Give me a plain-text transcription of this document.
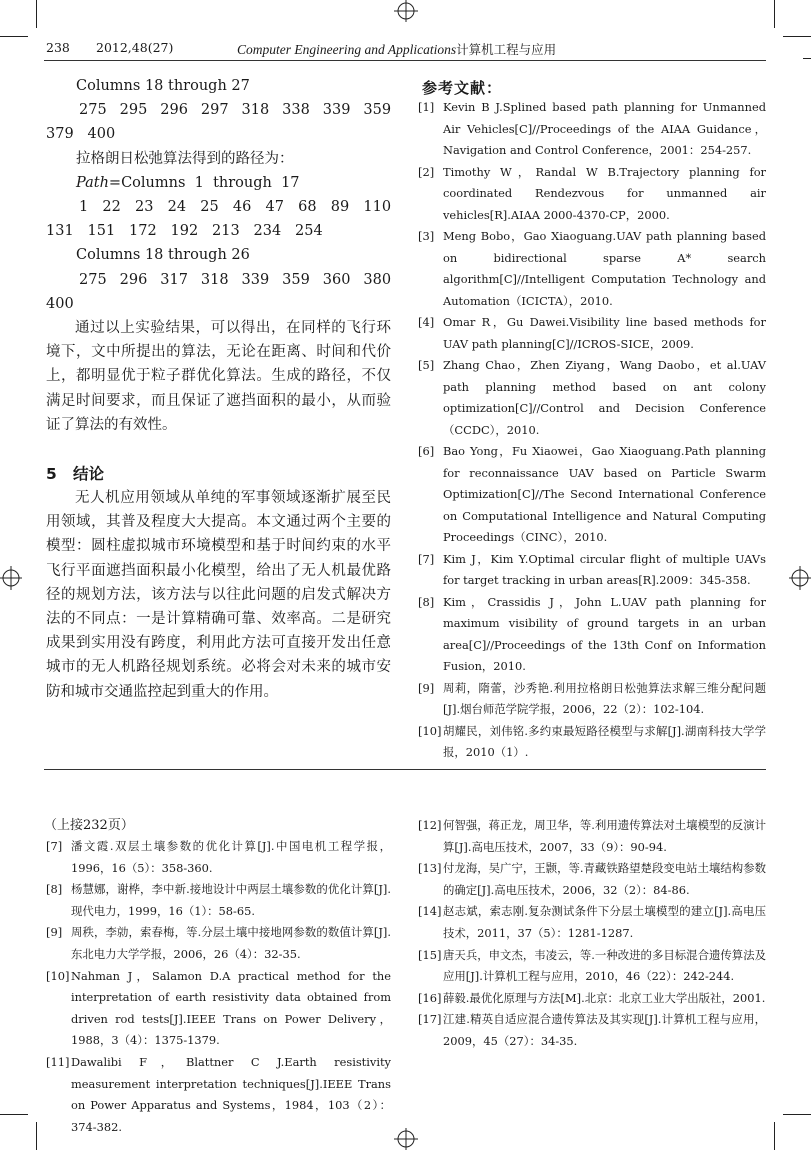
238 2012,48(27)	Computer Engineering and Applications计算机工程与应用
Columns 18 through 27
275 295 296 297 318 338 339 359
379   400
拉格朗日松弛算法得到的路径为：
Path=Columns  1  through  17
1 22 23 24 25 46 47 68 89 110
131   151   172   192   213   234   254
Columns 18 through 26
275 296 317 318 339 359 360 380
400

通过以上实验结果，可以得出，在同样的飞行环境下，文中所提出的算法，无论在距离、时间和代价上，都明显优于粒子群优化算法。生成的路径，不仅满足时间要求，而且保证了遮挡面积的最小，从而验证了算法的有效性。

5   结论

无人机应用领域从单纯的军事领域逐渐扩展至民用领域，其普及程度大大提高。本文通过两个主要的模型：圆柱虚拟城市环境模型和基于时间约束的水平飞行平面遮挡面积最小化模型，给出了无人机最优路径的规划方法，该方法与以往此问题的启发式解决方法的不同点：一是计算精确可靠、效率高。二是研究成果到实用没有跨度，利用此方法可直接开发出任意城市的无人机路径规划系统。必将会对未来的城市安防和城市交通监控起到重大的作用。

参考文献：
[1] Kevin B J.Splined based path planning for Unmanned Air Vehicles[C]//Proceedings of the AIAA Guidance，Navigation and Control Conference，2001：254-257.
[2] Timothy W，Randal W B.Trajectory planning for coordinated Rendezvous for unmanned air vehicles[R].AIAA 2000-4370-CP，2000.
[3] Meng Bobo，Gao Xiaoguang.UAV path planning based on bidirectional sparse A* search algorithm[C]//Intelligent Computation Technology and Automation（ICICTA），2010.
[4] Omar R，Gu Dawei.Visibility line based methods for UAV path planning[C]//ICROS-SICE，2009.
[5] Zhang Chao，Zhen Ziyang，Wang Daobo，et al.UAV path planning method based on ant colony optimization[C]//Control and Decision Conference（CCDC），2010.
[6] Bao Yong，Fu Xiaowei，Gao Xiaoguang.Path planning for reconnaissance UAV based on Particle Swarm Optimization[C]//The Second International Conference on Computational Intelligence and Natural Computing Proceedings（CINC），2010.
[7] Kim J，Kim Y.Optimal circular flight of multiple UAVs for target tracking in urban areas[R].2009：345-358.
[8] Kim，Crassidis J，John L.UAV path planning for maximum visibility of ground targets in an urban area[C]//Proceedings of the 13th Conf on Information Fusion，2010.
[9] 周莉，隋蕾，沙秀艳.利用拉格朗日松弛算法求解三维分配问题[J].烟台师范学院学报，2006，22（2）：102-104.
[10] 胡耀民，刘伟铭.多约束最短路径模型与求解[J].湖南科技大学学报，2010（1）.
（上接232页）
[7] 潘文霞.双层土壤参数的优化计算[J].中国电机工程学报，1996，16（5）：358-360.
[8] 杨慧娜，谢桦，李中新.接地设计中两层土壤参数的优化计算[J].现代电力，1999，16（1）：58-65.
[9] 周秩，李勍，索春梅，等.分层土壤中接地网参数的数值计算[J].东北电力大学学报，2006，26（4）：32-35.
[10] Nahman J，Salamon D.A practical method for the interpretation of earth resistivity data obtained from driven rod tests[J].IEEE Trans on Power Delivery，1988，3（4）：1375-1379.
[11] Dawalibi F，Blattner C J.Earth resistivity measurement interpretation techniques[J].IEEE Trans on Power Apparatus and Systems，1984，103（2）：374-382.
[12] 何智强，蒋正龙，周卫华，等.利用遗传算法对土壤模型的反演计算[J].高电压技术，2007，33（9）：90-94.
[13] 付龙海，吴广宁，王颢，等.青藏铁路望楚段变电站土壤结构参数的确定[J].高电压技术，2006，32（2）：84-86.
[14] 赵志斌，索志刚.复杂测试条件下分层土壤模型的建立[J].高电压技术，2011，37（5）：1281-1287.
[15] 唐天兵，申文杰，韦凌云，等.一种改进的多目标混合遗传算法及应用[J].计算机工程与应用，2010，46（22）：242-244.
[16] 薛毅.最优化原理与方法[M].北京：北京工业大学出版社，2001.
[17] 江建.精英自适应混合遗传算法及其实现[J].计算机工程与应用，2009，45（27）：34-35.
